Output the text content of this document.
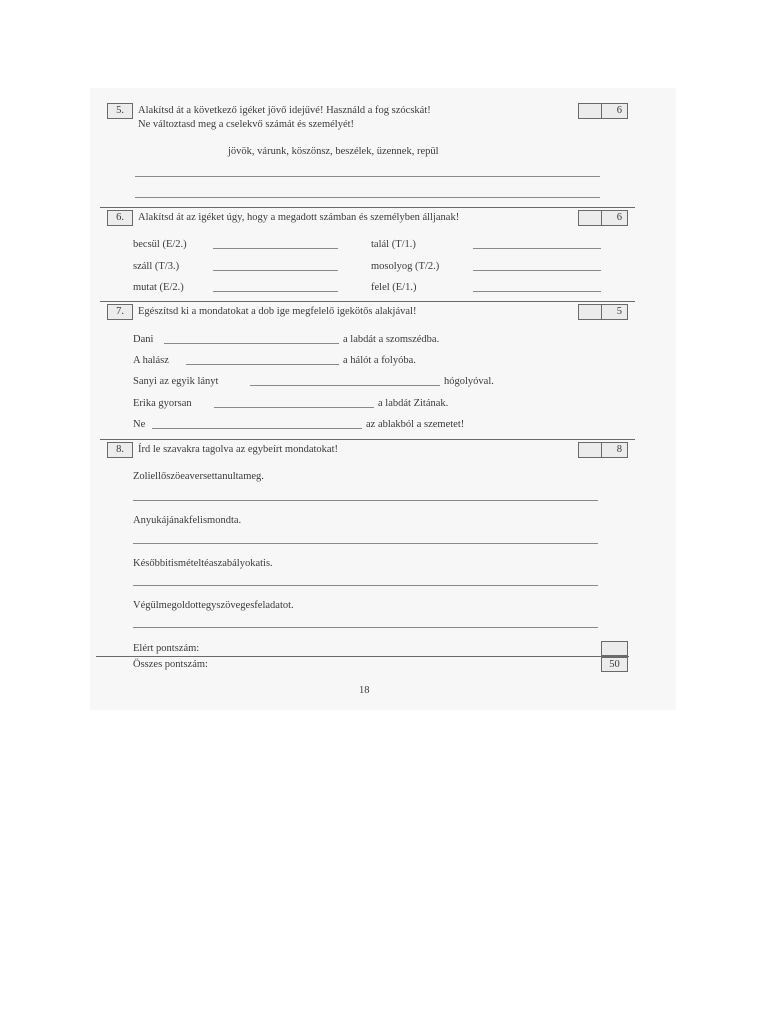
5.	Alakítsd át a következő igéket jövő idejűvé! Használd a fog szócskát!
Ne változtasd meg a cselekvő számát és személyét!
6
jövök, várunk, köszönsz, beszélek, üzennek, repül
6.	Alakítsd át az igéket úgy, hogy a megadott számban és személyben álljanak!	6
becsül (E/2.)	talál (T/1.)
száll (T/3.)	mosolyog (T/2.)
mutat (E/2.)	felel (E/1.)
7.	Egészítsd ki a mondatokat a dob ige megfelelő igekötős alakjával!	5
Dani	a labdát a szomszédba.
A halász	a hálót a folyóba.
Sanyi az egyik lányt	hógolyóval.
Erika gyorsan	a labdát Zitának.
Ne	az ablakból a szemetet!
8.	Írd le szavakra tagolva az egybeírt mondatokat!	8
Zoliellőszöeaversettanultameg.
Anyukájánakfelismondta.
Későbbitismételtéaszabályokatis.
Végülmegoldottegyszövegesfeladatot.
Elért pontszám:
Összes pontszám:	50
18
